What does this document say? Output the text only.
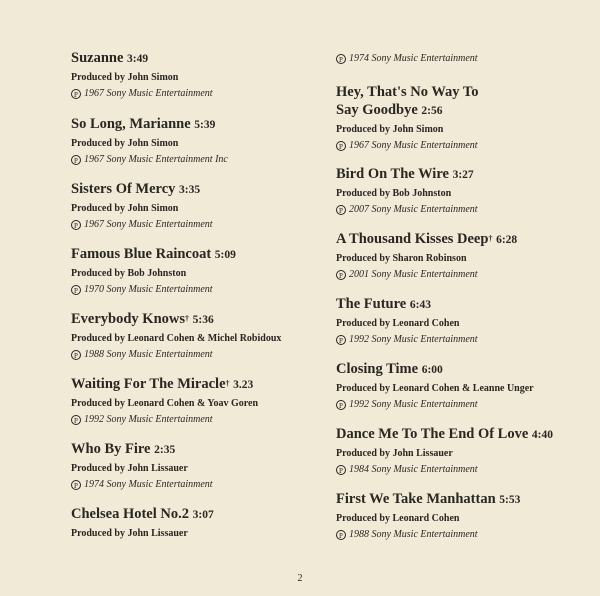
Suzanne 3:49
Produced by John Simon
P 1967 Sony Music Entertainment
So Long, Marianne 5:39
Produced by John Simon
P 1967 Sony Music Entertainment Inc
Sisters Of Mercy 3:35
Produced by John Simon
P 1967 Sony Music Entertainment
Famous Blue Raincoat 5:09
Produced by Bob Johnston
P 1970 Sony Music Entertainment
Everybody Knows† 5:36
Produced by Leonard Cohen & Michel Robidoux
P 1988 Sony Music Entertainment
Waiting For The Miracle† 3.23
Produced by Leonard Cohen & Yoav Goren
P 1992 Sony Music Entertainment
Who By Fire 2:35
Produced by John Lissauer
P 1974 Sony Music Entertainment
Chelsea Hotel No.2 3:07
Produced by John Lissauer
P 1974 Sony Music Entertainment
Hey, That's No Way To
Say Goodbye 2:56
Produced by John Simon
P 1967 Sony Music Entertainment
Bird On The Wire 3:27
Produced by Bob Johnston
P 2007 Sony Music Entertainment
A Thousand Kisses Deep† 6:28
Produced by Sharon Robinson
P 2001 Sony Music Entertainment
The Future 6:43
Produced by Leonard Cohen
P 1992 Sony Music Entertainment
Closing Time 6:00
Produced by Leonard Cohen & Leanne Unger
P 1992 Sony Music Entertainment
Dance Me To The End Of Love 4:40
Produced by John Lissauer
P 1984 Sony Music Entertainment
First We Take Manhattan 5:53
Produced by Leonard Cohen
P 1988 Sony Music Entertainment
2
